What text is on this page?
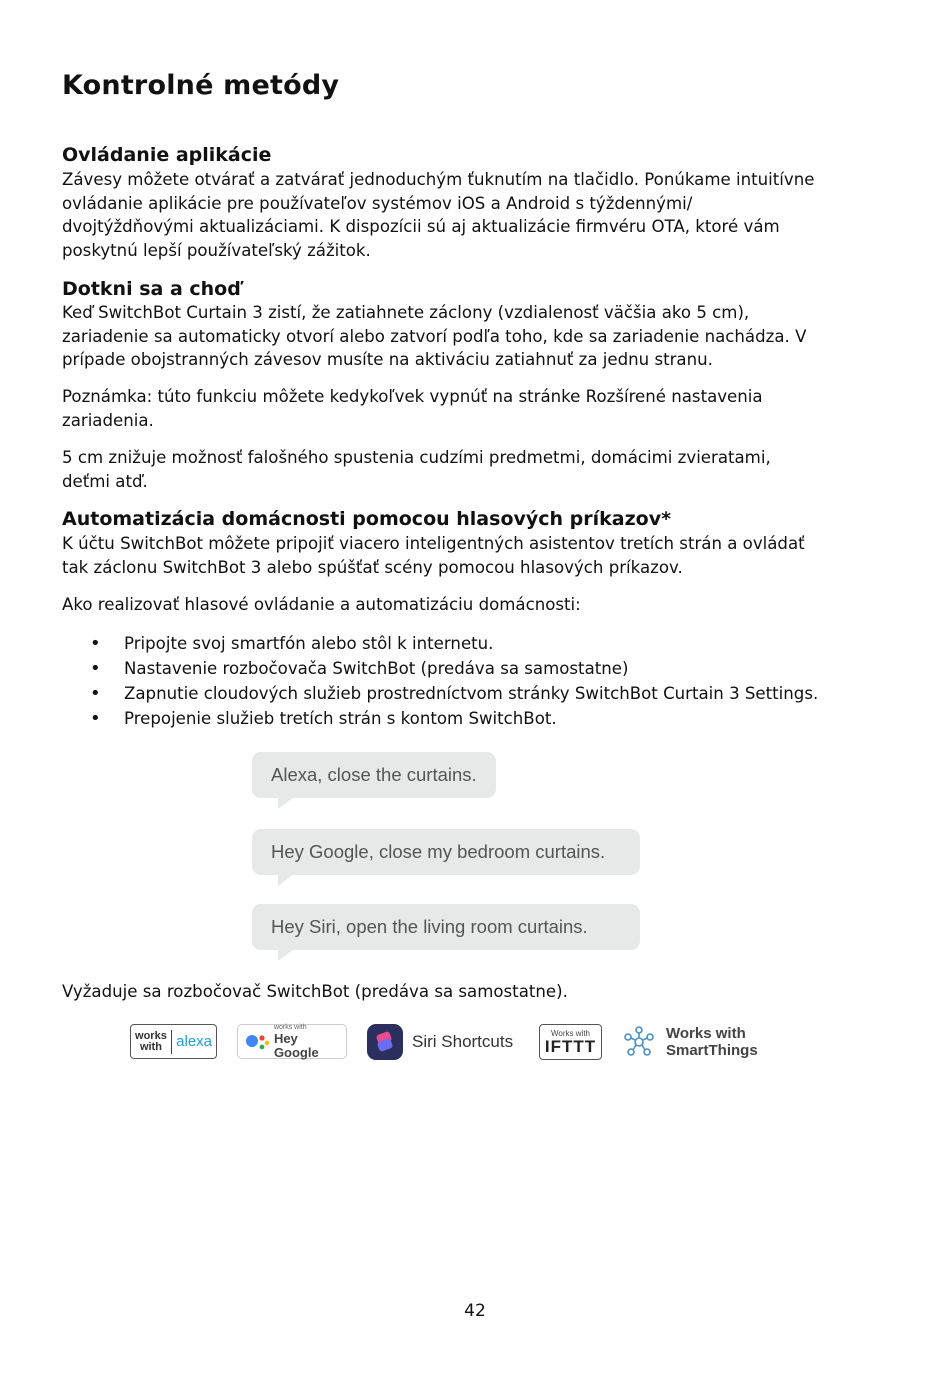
Kontrolné metódy
Ovládanie aplikácie
Závesy môžete otvárať a zatvárať jednoduchým ťuknutím na tlačidlo. Ponúkame intuitívne
ovládanie aplikácie pre používateľov systémov iOS a Android s týždennými/
dvojtýždňovými aktualizáciami. K dispozícii sú aj aktualizácie firmvéru OTA, ktoré vám
poskytnú lepší používateľský zážitok.
Dotkni sa a choď
Keď SwitchBot Curtain 3 zistí, že zatiahnete záclony (vzdialenosť väčšia ako 5 cm),
zariadenie sa automaticky otvorí alebo zatvorí podľa toho, kde sa zariadenie nachádza. V
prípade obojstranných závesov musíte na aktiváciu zatiahnuť za jednu stranu.
Poznámka: túto funkciu môžete kedykoľvek vypnúť na stránke Rozšírené nastavenia
zariadenia.
5 cm znižuje možnosť falošného spustenia cudzími predmetmi, domácimi zvieratami,
deťmi atď.
Automatizácia domácnosti pomocou hlasových príkazov*
K účtu SwitchBot môžete pripojiť viacero inteligentných asistentov tretích strán a ovládať
tak záclonu SwitchBot 3 alebo spúšťať scény pomocou hlasových príkazov.
Ako realizovať hlasové ovládanie a automatizáciu domácnosti:
• Pripojte svoj smartfón alebo stôl k internetu.
• Nastavenie rozbočovača SwitchBot (predáva sa samostatne)
• Zapnutie cloudových služieb prostredníctvom stránky SwitchBot Curtain 3 Settings.
• Prepojenie služieb tretích strán s kontom SwitchBot.
Alexa, close the curtains.
Hey Google, close my bedroom curtains.
Hey Siri, open the living room curtains.
Vyžaduje sa rozbočovač SwitchBot (predáva sa samostatne).
works
with alexa
works with
Hey Google
Siri Shortcuts	Works with
IFTTT
Works with
SmartThings
42
